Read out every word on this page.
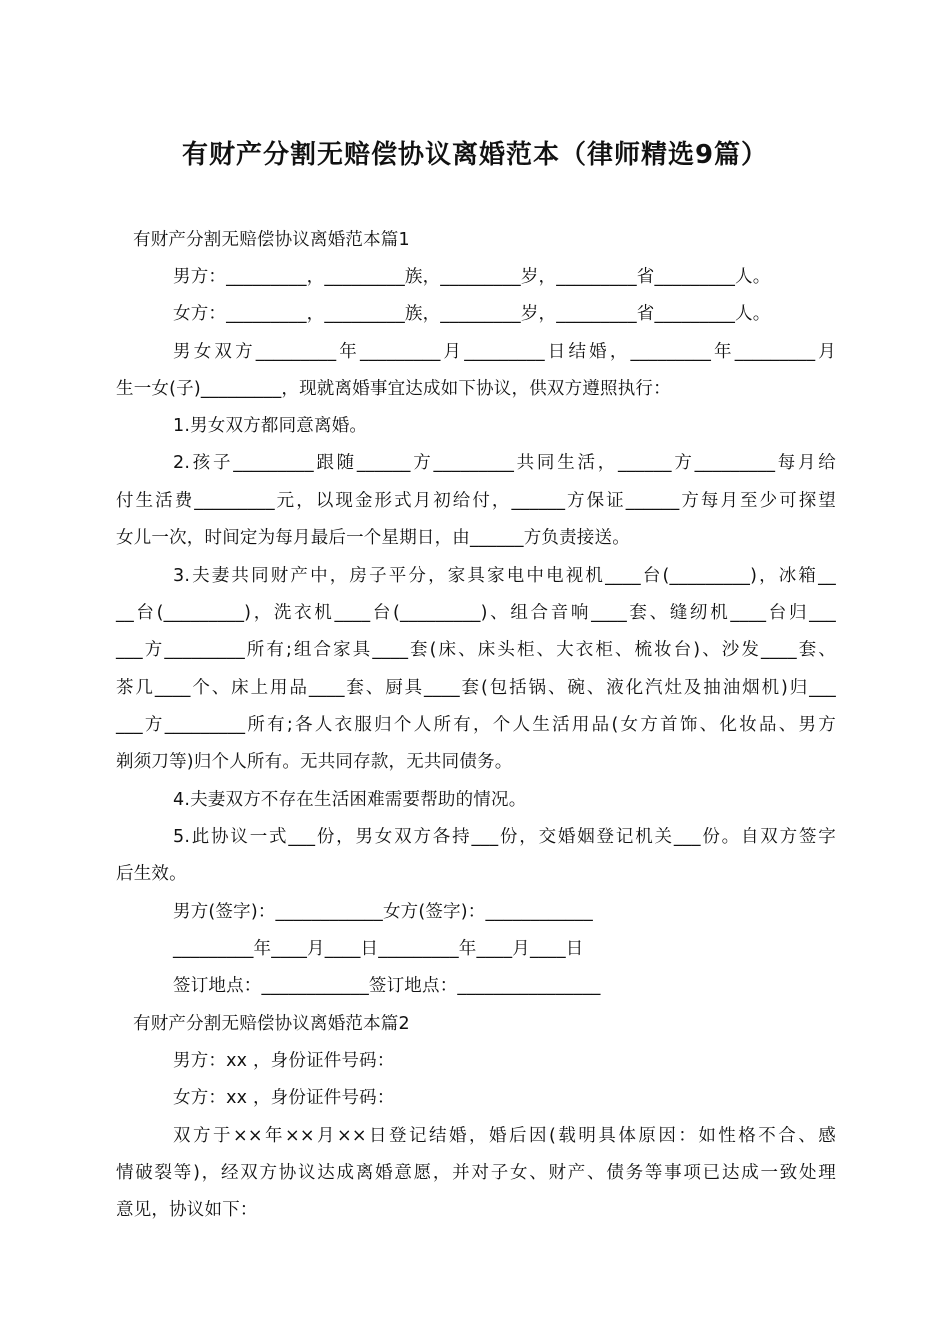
有财产分割无赔偿协议离婚范本（律师精选9篇）
有财产分割无赔偿协议离婚范本篇1
男方：_________，_________族，_________岁，_________省_________人。
女方：_________，_________族，_________岁，_________省_________人。
男女双方_________年_________月_________日结婚，_________年_________月
生一女(子)_________，现就离婚事宜达成如下协议，供双方遵照执行：
1.男女双方都同意离婚。
2.孩子_________跟随______方_________共同生活，______方_________每月给
付生活费_________元，以现金形式月初给付，______方保证______方每月至少可探望
女儿一次，时间定为每月最后一个星期日，由______方负责接送。
3.夫妻共同财产中，房子平分，家具家电中电视机____台(_________)，冰箱__
__台(_________)，洗衣机____台(_________)、组合音响____套、缝纫机____台归___
___方_________所有;组合家具____套(床、床头柜、大衣柜、梳妆台)、沙发____套、
茶几____个、床上用品____套、厨具____套(包括锅、碗、液化汽灶及抽油烟机)归___
___方_________所有;各人衣服归个人所有，个人生活用品(女方首饰、化妆品、男方
剃须刀等)归个人所有。无共同存款，无共同债务。
4.夫妻双方不存在生活困难需要帮助的情况。
5.此协议一式___份，男女双方各持___份，交婚姻登记机关___份。自双方签字
后生效。
男方(签字)：____________女方(签字)：____________
_________年____月____日_________年____月____日
签订地点：____________签订地点：________________
有财产分割无赔偿协议离婚范本篇2
男方：xx ，身份证件号码：
女方：xx ，身份证件号码：
双方于××年××月××日登记结婚，婚后因(载明具体原因：如性格不合、感
情破裂等)，经双方协议达成离婚意愿，并对子女、财产、债务等事项已达成一致处理
意见，协议如下：
